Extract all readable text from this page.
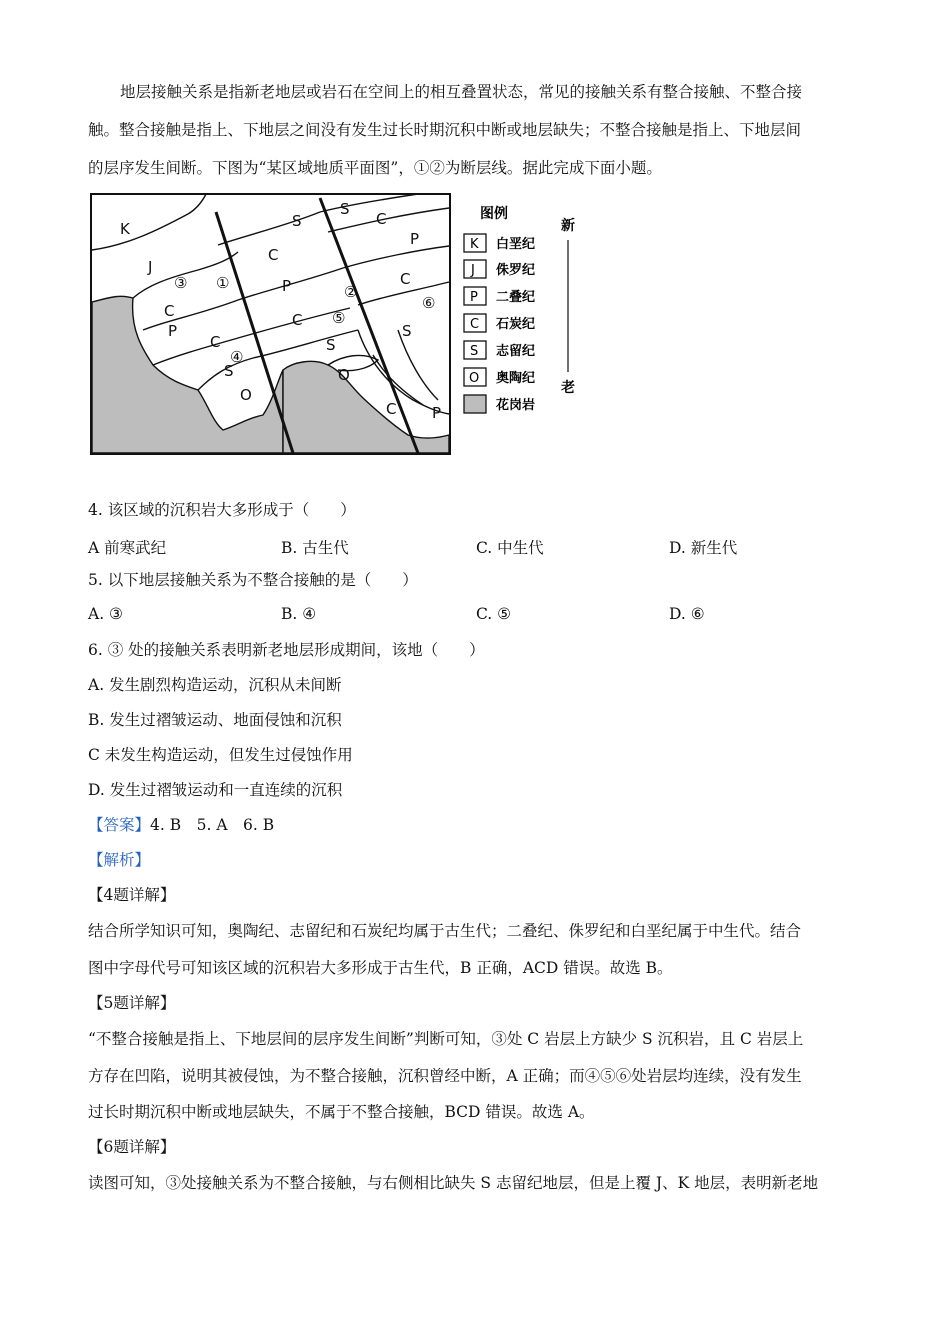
地层接触关系是指新老地层或岩石在空间上的相互叠置状态，常见的接触关系有整合接触、不整合接
触。整合接触是指上、下地层之间没有发生过长时期沉积中断或地层缺失；不整合接触是指上、下地层间
的层序发生间断。下图为“某区域地质平面图”，①②为断层线。据此完成下面小题。
K
J
③ ①
C
P
C
④
S
O
S
C
P	②
C ⑤
S
O
S
C
P
C
⑥
S
C P
图例
K 白垩纪
J 侏罗纪
P 二叠纪
C 石炭纪
S 志留纪
O 奥陶纪
花岗岩
新
老
4. 该区域的沉积岩大多形成于（　　）
A 前寒武纪	B. 古生代	C. 中生代	D. 新生代
5. 以下地层接触关系为不整合接触的是（　　）
A. ③	B. ④	C. ⑤	D. ⑥
6. ③ 处的接触关系表明新老地层形成期间，该地（　　）
A. 发生剧烈构造运动，沉积从未间断
B. 发生过褶皱运动、地面侵蚀和沉积
C 未发生构造运动，但发生过侵蚀作用
D. 发生过褶皱运动和一直连续的沉积
【答案】4. B　5. A　6. B
【解析】
【4题详解】
结合所学知识可知，奥陶纪、志留纪和石炭纪均属于古生代；二叠纪、侏罗纪和白垩纪属于中生代。结合
图中字母代号可知该区域的沉积岩大多形成于古生代，B 正确，ACD 错误。故选 B。
【5题详解】
“不整合接触是指上、下地层间的层序发生间断”判断可知，③处 C 岩层上方缺少 S 沉积岩，且 C 岩层上
方存在凹陷，说明其被侵蚀，为不整合接触，沉积曾经中断，A 正确；而④⑤⑥处岩层均连续，没有发生
过长时期沉积中断或地层缺失，不属于不整合接触，BCD 错误。故选 A。
【6题详解】
读图可知，③处接触关系为不整合接触，与右侧相比缺失 S 志留纪地层，但是上覆 J、K 地层，表明新老地
